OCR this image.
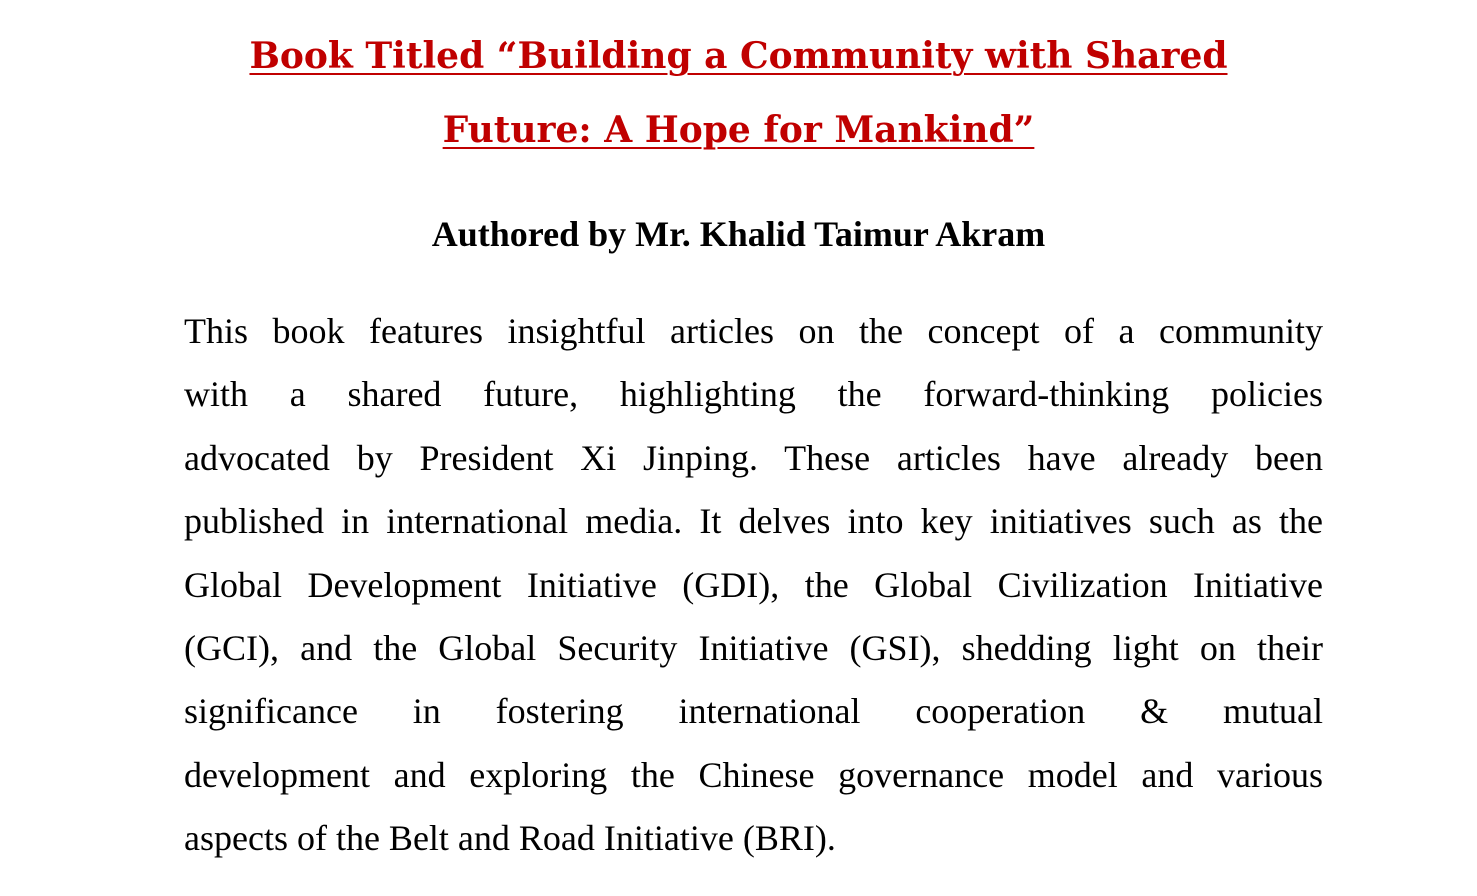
Book Titled “Building a Community with Shared
Future: A Hope for Mankind”
Authored by Mr. Khalid Taimur Akram
This book features insightful articles on the concept of a community
with a shared future, highlighting the forward-thinking policies
advocated by President Xi Jinping. These articles have already been
published in international media. It delves into key initiatives such as the
Global Development Initiative (GDI), the Global Civilization Initiative
(GCI), and the Global Security Initiative (GSI), shedding light on their
significance in fostering international cooperation & mutual
development and exploring the Chinese governance model and various
aspects of the Belt and Road Initiative (BRI).
